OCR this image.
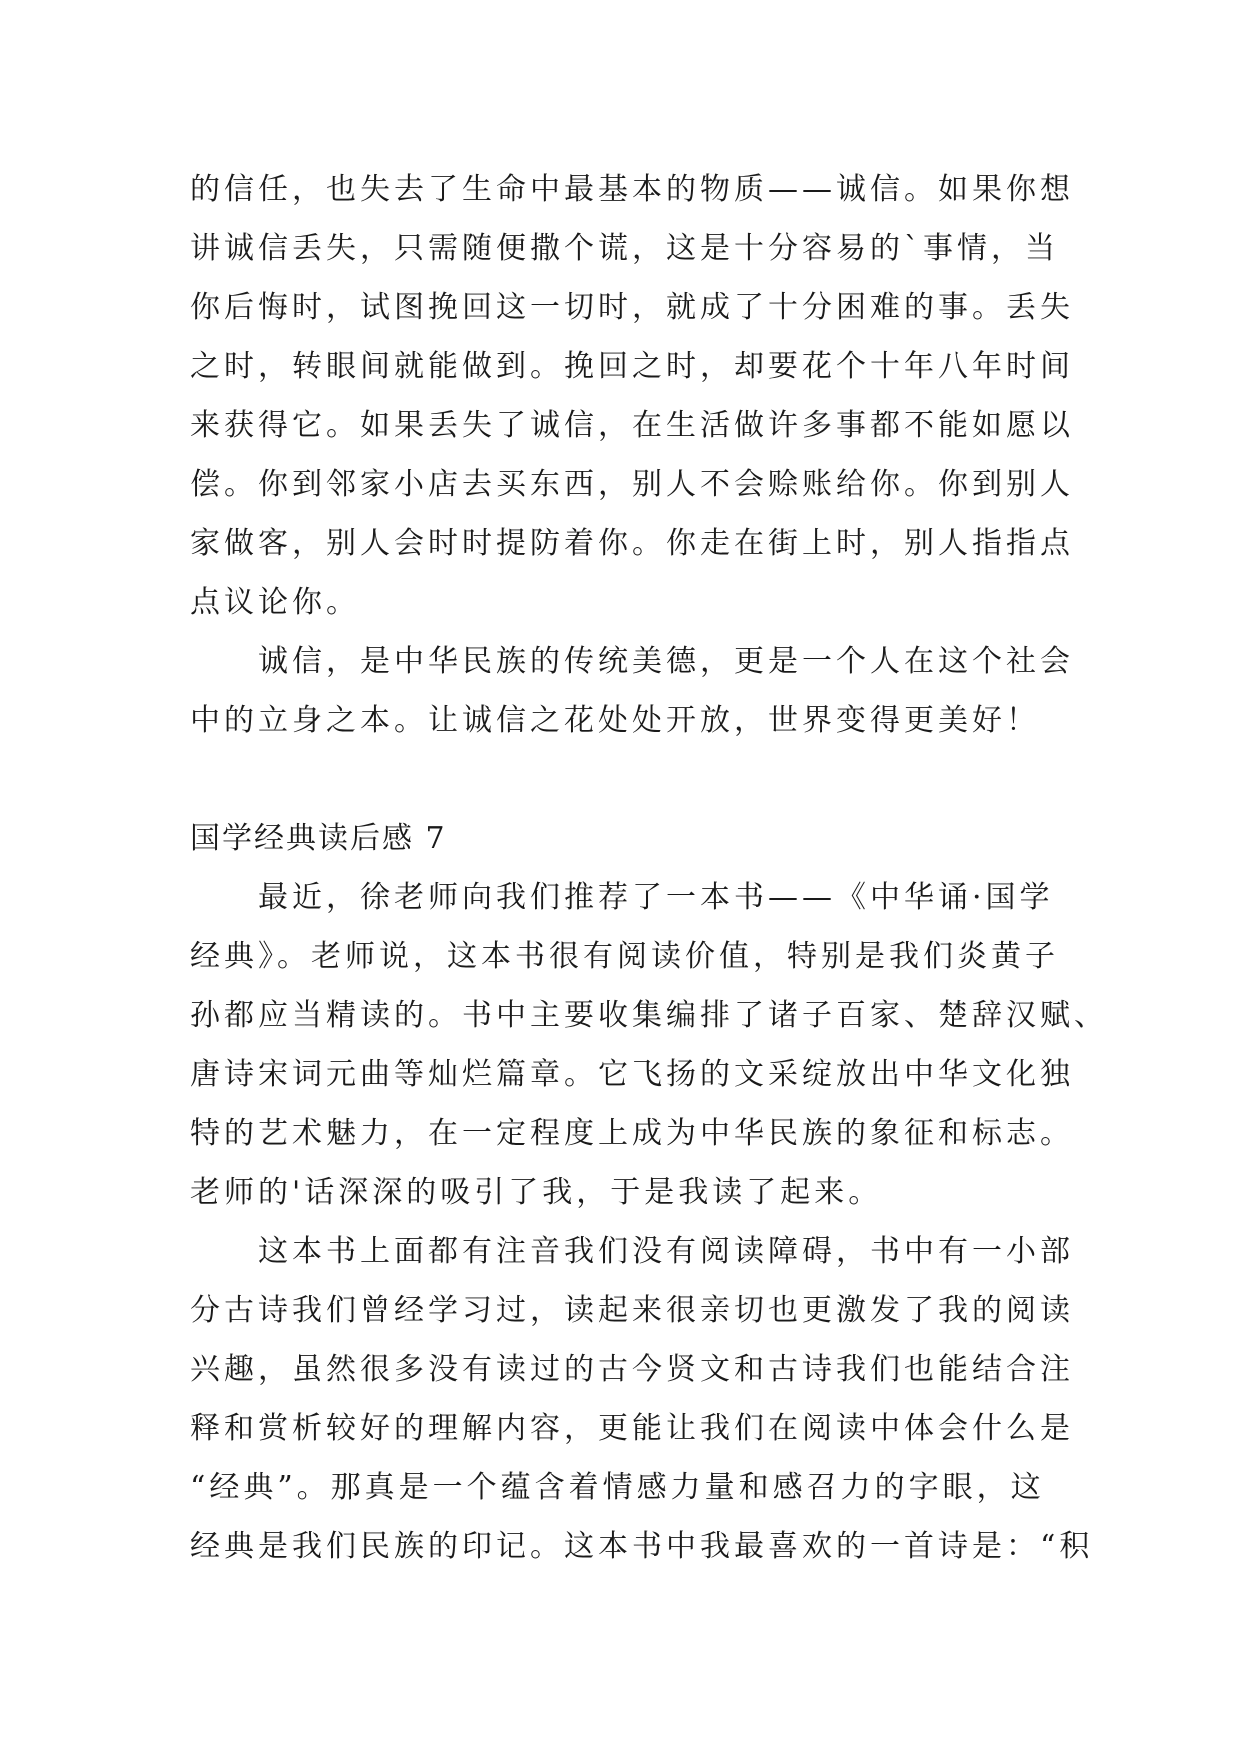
的信任，也失去了生命中最基本的物质——诚信。如果你想
讲诚信丢失，只需随便撒个谎，这是十分容易的`事情，当
你后悔时，试图挽回这一切时，就成了十分困难的事。丢失
之时，转眼间就能做到。挽回之时，却要花个十年八年时间
来获得它。如果丢失了诚信，在生活做许多事都不能如愿以
偿。你到邻家小店去买东西，别人不会赊账给你。你到别人
家做客，别人会时时提防着你。你走在街上时，别人指指点
点议论你。
　　诚信，是中华民族的传统美德，更是一个人在这个社会
中的立身之本。让诚信之花处处开放，世界变得更美好！
国学经典读后感 7
　　最近，徐老师向我们推荐了一本书——《中华诵·国学
经典》。老师说，这本书很有阅读价值，特别是我们炎黄子
孙都应当精读的。书中主要收集编排了诸子百家、楚辞汉赋、
唐诗宋词元曲等灿烂篇章。它飞扬的文采绽放出中华文化独
特的艺术魅力，在一定程度上成为中华民族的象征和标志。
老师的'话深深的吸引了我，于是我读了起来。
　　这本书上面都有注音我们没有阅读障碍，书中有一小部
分古诗我们曾经学习过，读起来很亲切也更激发了我的阅读
兴趣，虽然很多没有读过的古今贤文和古诗我们也能结合注
释和赏析较好的理解内容，更能让我们在阅读中体会什么是
“经典”。那真是一个蕴含着情感力量和感召力的字眼，这
经典是我们民族的印记。这本书中我最喜欢的一首诗是：“积
